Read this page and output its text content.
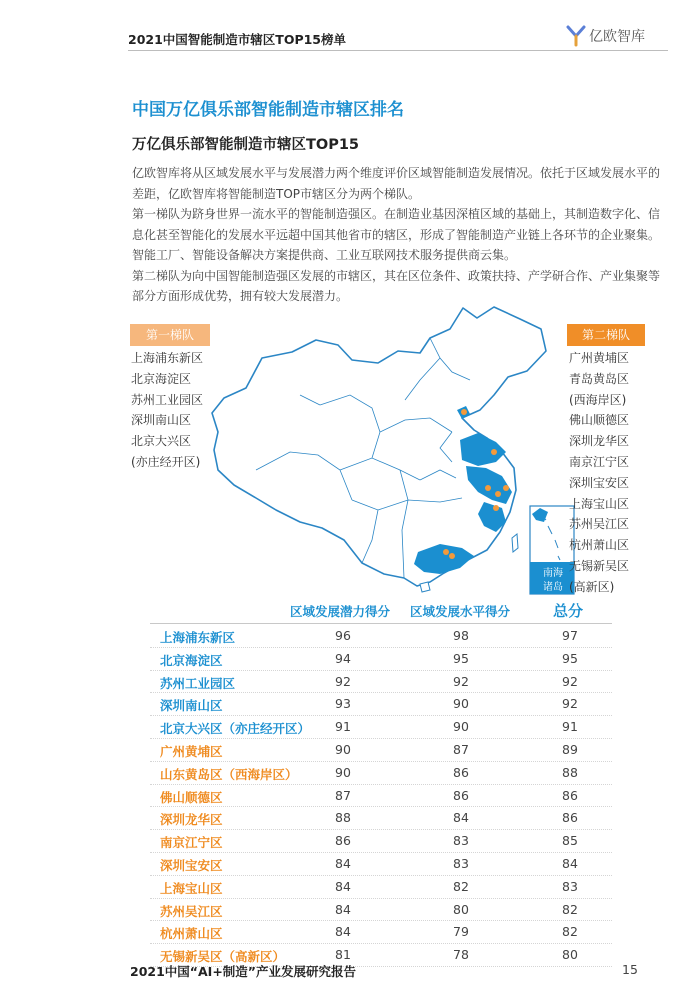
2021中国智能制造市辖区TOP15榜单	亿欧智库
中国万亿俱乐部智能制造市辖区排名
万亿俱乐部智能制造市辖区TOP15

亿欧智库将从区域发展水平与发展潜力两个维度评价区域智能制造发展情况。依托于区域发展水平的差距，亿欧智库将智能制造TOP市辖区分为两个梯队。

第一梯队为跻身世界一流水平的智能制造强区。在制造业基因深植区域的基础上，其制造数字化、信息化甚至智能化的发展水平远超中国其他省市的辖区，形成了智能制造产业链上各环节的企业聚集。智能工厂、智能设备解决方案提供商、工业互联网技术服务提供商云集。

第二梯队为向中国智能制造强区发展的市辖区，其在区位条件、政策扶持、产学研合作、产业集聚等部分方面形成优势，拥有较大发展潜力。

南海
诸岛
第一梯队
上海浦东新区
北京海淀区
苏州工业园区
深圳南山区
北京大兴区
(亦庄经开区)
第二梯队
广州黄埔区
青岛黄岛区
(西海岸区)
佛山顺德区
深圳龙华区
南京江宁区
深圳宝安区
上海宝山区
苏州吴江区
杭州萧山区
无锡新吴区
(高新区)
区域发展潜力得分 区域发展水平得分	总分
上海浦东新区	96	98	97
北京海淀区	94	95	95
苏州工业园区	92	92	92
深圳南山区	93	90	92
北京大兴区（亦庄经开区）	91	90	91
广州黄埔区	90	87	89
山东黄岛区（西海岸区）	90	86	88
佛山顺德区	87	86	86
深圳龙华区	88	84	86
南京江宁区	86	83	85
深圳宝安区	84	83	84
上海宝山区	84	82	83
苏州吴江区	84	80	82
杭州萧山区	84	79	82
无锡新吴区（高新区）	81	78	80
2021中国“AI+制造”产业发展研究报告	15
